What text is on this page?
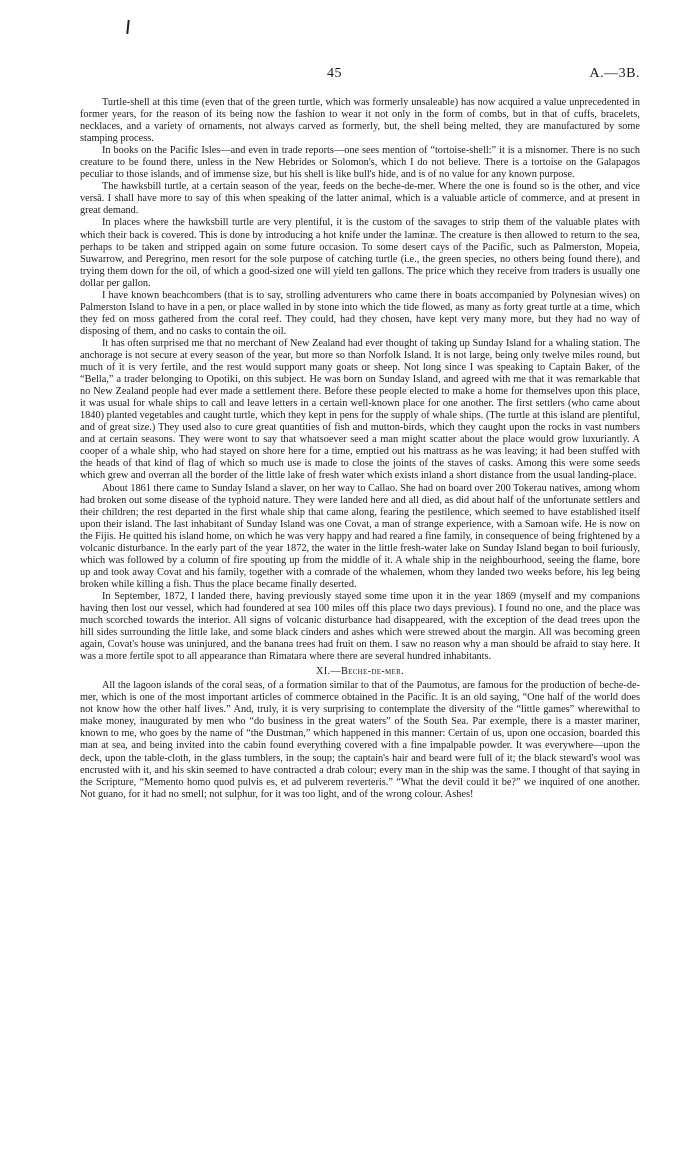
45	A.—3B.

Turtle-shell at this time (even that of the green turtle, which was formerly unsaleable) has now acquired a value unprecedented in former years, for the reason of its being now the fashion to wear it not only in the form of combs, but in that of cuffs, bracelets, necklaces, and a variety of ornaments, not always carved as formerly, but, the shell being melted, they are manufactured by some stamping process.

In books on the Pacific Isles—and even in trade reports—one sees mention of “tortoise-shell:” it is a misnomer. There is no such creature to be found there, unless in the New Hebrides or Solomon's, which I do not believe. There is a tortoise on the Galapagos peculiar to those islands, and of immense size, but his shell is like bull's hide, and is of no value for any known purpose.

The hawksbill turtle, at a certain season of the year, feeds on the beche-de-mer. Where the one is found so is the other, and vice versâ. I shall have more to say of this when speaking of the latter animal, which is a valuable article of commerce, and at present in great demand.

In places where the hawksbill turtle are very plentiful, it is the custom of the savages to strip them of the valuable plates with which their back is covered. This is done by introducing a hot knife under the laminæ. The creature is then allowed to return to the sea, perhaps to be taken and stripped again on some future occasion. To some desert cays of the Pacific, such as Palmerston, Mopeia, Suwarrow, and Peregrino, men resort for the sole purpose of catching turtle (i.e., the green species, no others being found there), and trying them down for the oil, of which a good-sized one will yield ten gallons. The price which they receive from traders is usually one dollar per gallon.

I have known beachcombers (that is to say, strolling adventurers who came there in boats accompanied by Polynesian wives) on Palmerston Island to have in a pen, or place walled in by stone into which the tide flowed, as many as forty great turtle at a time, which they fed on moss gathered from the coral reef. They could, had they chosen, have kept very many more, but they had no way of disposing of them, and no casks to contain the oil.

It has often surprised me that no merchant of New Zealand had ever thought of taking up Sunday Island for a whaling station. The anchorage is not secure at every season of the year, but more so than Norfolk Island. It is not large, being only twelve miles round, but much of it is very fertile, and the rest would support many goats or sheep. Not long since I was speaking to Captain Baker, of the “Bella,” a trader belonging to Opotiki, on this subject. He was born on Sunday Island, and agreed with me that it was remarkable that no New Zealand people had ever made a settlement there. Before these people elected to make a home for themselves upon this place, it was usual for whale ships to call and leave letters in a certain well-known place for one another. The first settlers (who came about 1840) planted vegetables and caught turtle, which they kept in pens for the supply of whale ships. (The turtle at this island are plentiful, and of great size.) They used also to cure great quantities of fish and mutton-birds, which they caught upon the rocks in vast numbers and at certain seasons. They were wont to say that whatsoever seed a man might scatter about the place would grow luxuriantly. A cooper of a whale ship, who had stayed on shore here for a time, emptied out his mattrass as he was leaving; it had been stuffed with the heads of that kind of flag of which so much use is made to close the joints of the staves of casks. Among this were some seeds which grew and overran all the border of the little lake of fresh water which exists inland a short distance from the usual landing-place.

About 1861 there came to Sunday Island a slaver, on her way to Callao. She had on board over 200 Tokerau natives, among whom had broken out some disease of the typhoid nature. They were landed here and all died, as did about half of the unfortunate settlers and their children; the rest departed in the first whale ship that came along, fearing the pestilence, which seemed to have established itself upon their island. The last inhabitant of Sunday Island was one Covat, a man of strange experience, with a Samoan wife. He is now on the Fijis. He quitted his island home, on which he was very happy and had reared a fine family, in consequence of being frightened by a volcanic disturbance. In the early part of the year 1872, the water in the little fresh-water lake on Sunday Island began to boil furiously, which was followed by a column of fire spouting up from the middle of it. A whale ship in the neighbourhood, seeing the flame, bore up and took away Covat and his family, together with a comrade of the whalemen, whom they landed two weeks before, his leg being broken while killing a fish. Thus the place became finally deserted.

In September, 1872, I landed there, having previously stayed some time upon it in the year 1869 (myself and my companions having then lost our vessel, which had foundered at sea 100 miles off this place two days previous). I found no one, and the place was much scorched towards the interior. All signs of volcanic disturbance had disappeared, with the exception of the dead trees upon the hill sides surrounding the little lake, and some black cinders and ashes which were strewed about the margin. All was becoming green again, Covat's house was uninjured, and the banana trees had fruit on them. I saw no reason why a man should be afraid to stay here. It was a more fertile spot to all appearance than Rimatara where there are several hundred inhabitants.

XI.—Beche-de-mer.

All the lagoon islands of the coral seas, of a formation similar to that of the Paumotus, are famous for the production of beche-de-mer, which is one of the most important articles of commerce obtained in the Pacific. It is an old saying, “One half of the world does not know how the other half lives.” And, truly, it is very surprising to contemplate the diversity of the “little games” wherewithal to make money, inaugurated by men who “do business in the great waters” of the South Sea. Par exemple, there is a master mariner, known to me, who goes by the name of “the Dustman,” which happened in this manner: Certain of us, upon one occasion, boarded this man at sea, and being invited into the cabin found everything covered with a fine impalpable powder. It was everywhere—upon the deck, upon the table-cloth, in the glass tumblers, in the soup; the captain's hair and beard were full of it; the black steward's wool was encrusted with it, and his skin seemed to have contracted a drab colour; every man in the ship was the same. I thought of that saying in the Scripture, “Memento homo quod pulvis es, et ad pulverem reverteris.” “What the devil could it be?” we inquired of one another. Not guano, for it had no smell; not sulphur, for it was too light, and of the wrong colour. Ashes!
